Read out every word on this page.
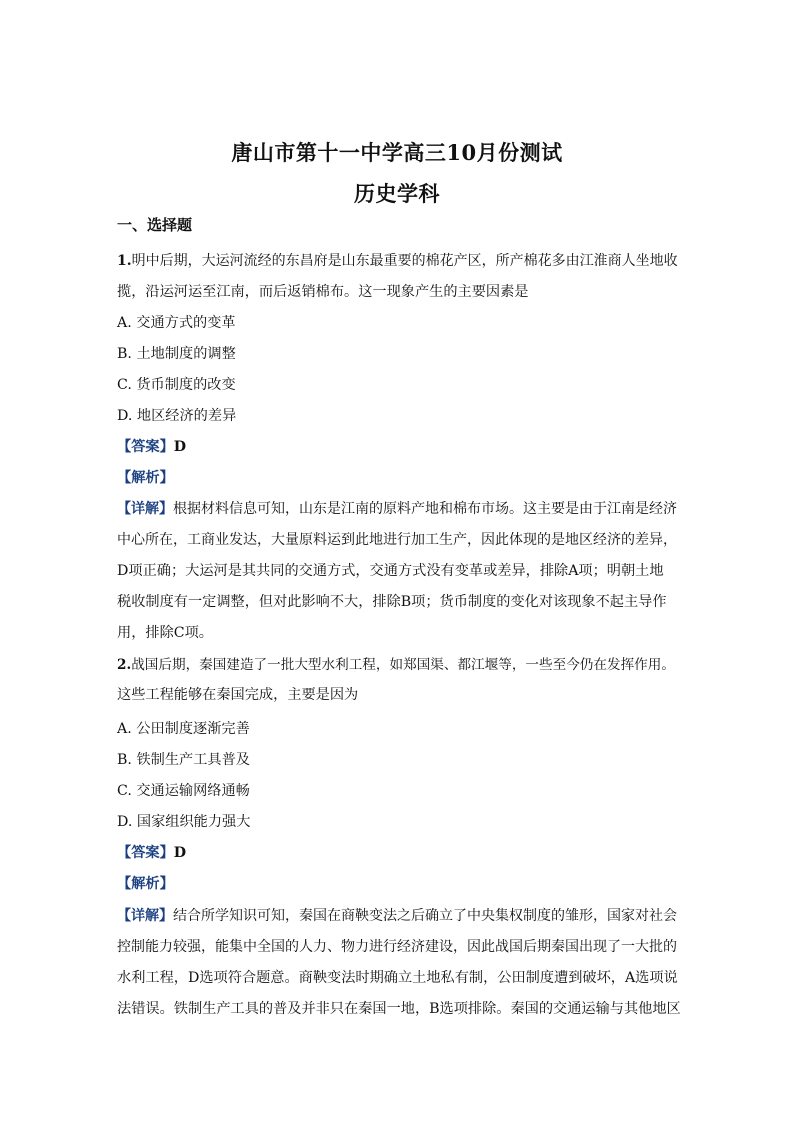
唐山市第十一中学高三10月份测试
历史学科
一、选择题
1.明中后期，大运河流经的东昌府是山东最重要的棉花产区，所产棉花多由江淮商人坐地收
揽，沿运河运至江南，而后返销棉布。这一现象产生的主要因素是
A. 交通方式的变革
B. 土地制度的调整
C. 货币制度的改变
D. 地区经济的差异
【答案】D
【解析】
【详解】根据材料信息可知，山东是江南的原料产地和棉布市场。这主要是由于江南是经济
中心所在，工商业发达，大量原料运到此地进行加工生产，因此体现的是地区经济的差异，
D项正确；大运河是其共同的交通方式，交通方式没有变革或差异，排除A项；明朝土地
税收制度有一定调整，但对此影响不大，排除B项；货币制度的变化对该现象不起主导作
用，排除C项。
2.战国后期，秦国建造了一批大型水利工程，如郑国渠、都江堰等，一些至今仍在发挥作用。
这些工程能够在秦国完成，主要是因为
A. 公田制度逐渐完善
B. 铁制生产工具普及
C. 交通运输网络通畅
D. 国家组织能力强大
【答案】D
【解析】
【详解】结合所学知识可知，秦国在商鞅变法之后确立了中央集权制度的雏形，国家对社会
控制能力较强，能集中全国的人力、物力进行经济建设，因此战国后期秦国出现了一大批的
水利工程，D选项符合题意。商鞅变法时期确立土地私有制，公田制度遭到破坏，A选项说
法错误。铁制生产工具的普及并非只在秦国一地，B选项排除。秦国的交通运输与其他地区
